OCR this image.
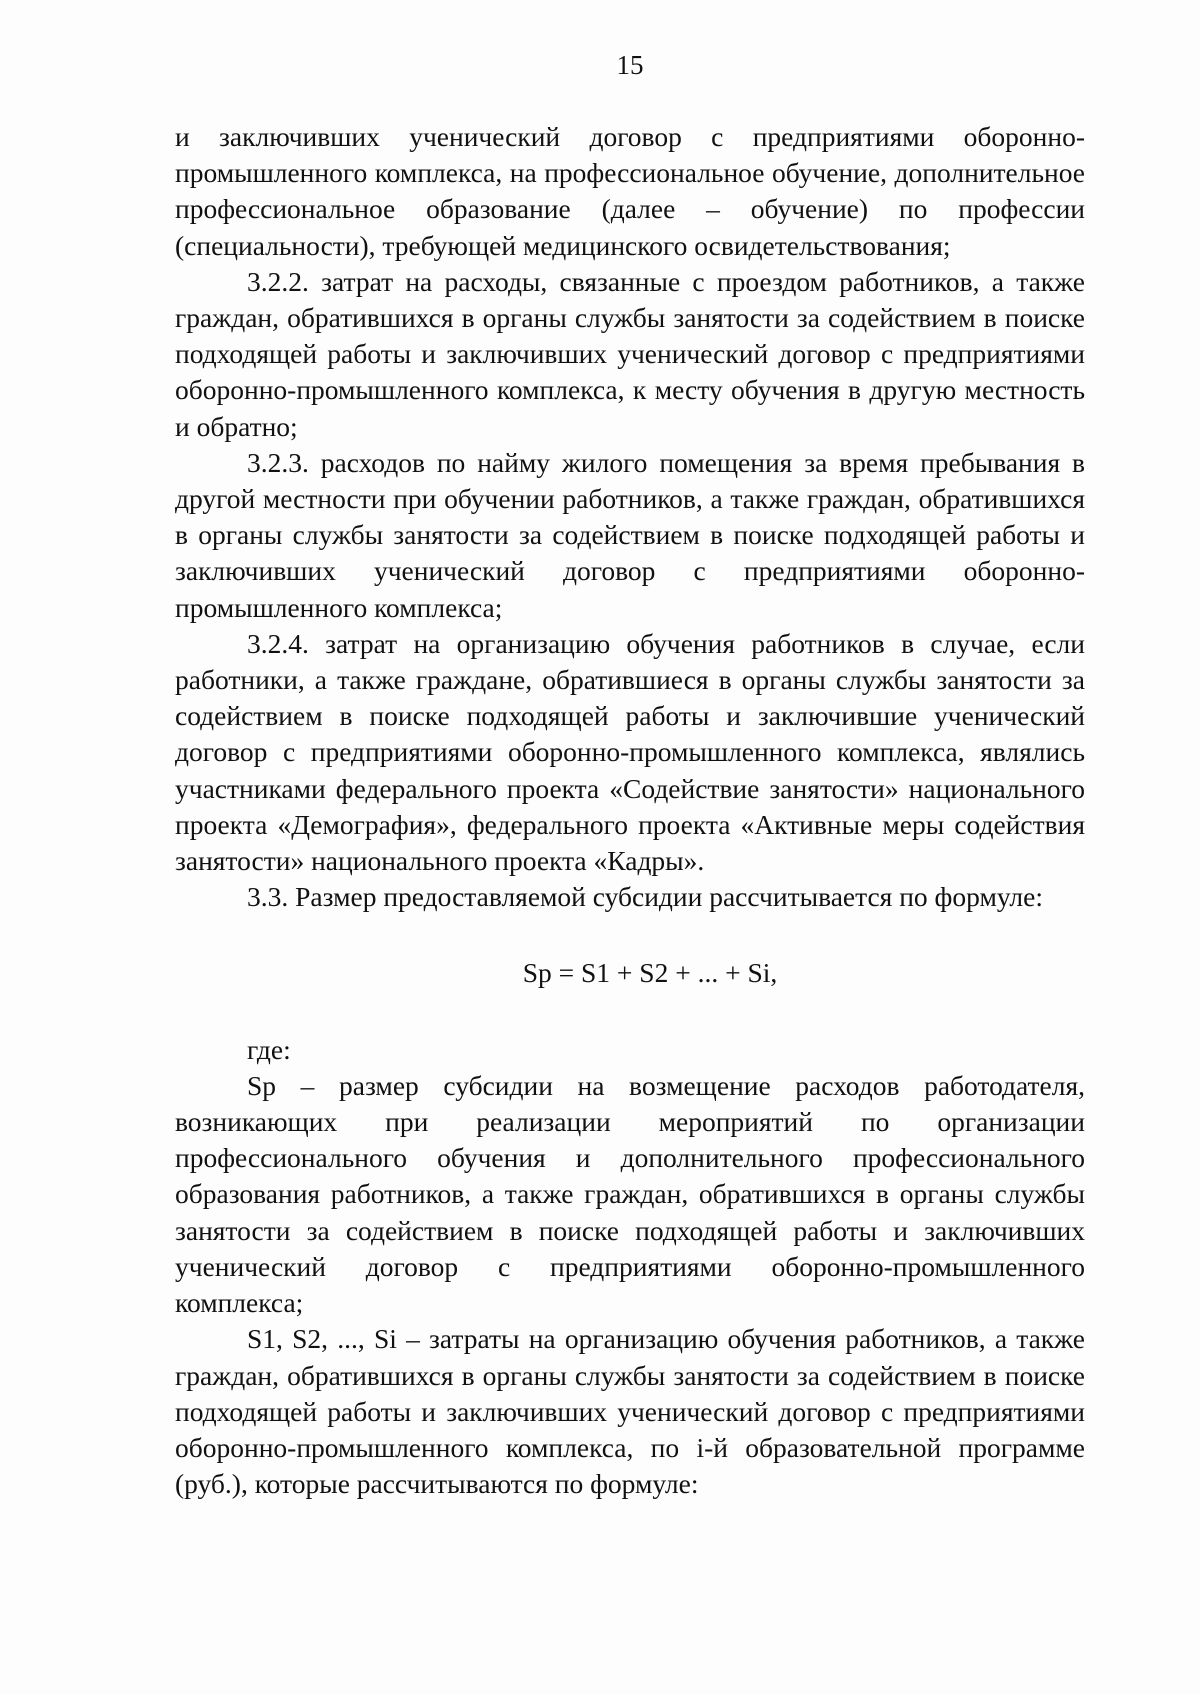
15

и заключивших ученический договор с предприятиями оборонно-промышленного комплекса, на профессиональное обучение, дополнительное профессиональное образование (далее – обучение) по профессии (специальности), требующей медицинского освидетельствования;

3.2.2. затрат на расходы, связанные с проездом работников, а также граждан, обратившихся в органы службы занятости за содействием в поиске подходящей работы и заключивших ученический договор с предприятиями оборонно-промышленного комплекса, к месту обучения в другую местность и обратно;

3.2.3. расходов по найму жилого помещения за время пребывания в другой местности при обучении работников, а также граждан, обратившихся в органы службы занятости за содействием в поиске подходящей работы и заключивших ученический договор с предприятиями оборонно-промышленного комплекса;

3.2.4. затрат на организацию обучения работников в случае, если работники, а также граждане, обратившиеся в органы службы занятости за содействием в поиске подходящей работы и заключившие ученический договор с предприятиями оборонно-промышленного комплекса, являлись участниками федерального проекта «Содействие занятости» национального проекта «Демография», федерального проекта «Активные меры содействия занятости» национального проекта «Кадры».

3.3. Размер предоставляемой субсидии рассчитывается по формуле:

Sp = S1 + S2 + ... + Si,

где:

Sp – размер субсидии на возмещение расходов работодателя, возникающих при реализации мероприятий по организации профессионального обучения и дополнительного профессионального образования работников, а также граждан, обратившихся в органы службы занятости за содействием в поиске подходящей работы и заключивших ученический договор с предприятиями оборонно-промышленного комплекса;

S1, S2, ..., Si – затраты на организацию обучения работников, а также граждан, обратившихся в органы службы занятости за содействием в поиске подходящей работы и заключивших ученический договор с предприятиями оборонно-промышленного комплекса, по i-й образовательной программе (руб.), которые рассчитываются по формуле:
